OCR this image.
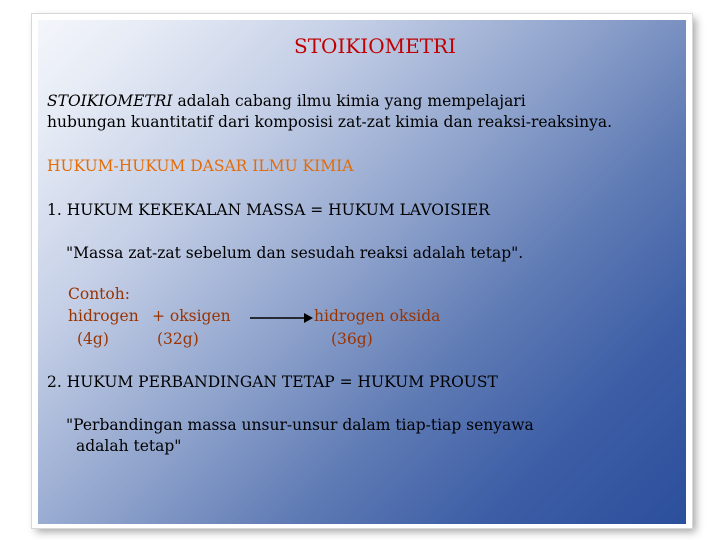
STOIKIOMETRI
STOIKIOMETRI adalah cabang ilmu kimia yang mempelajari
hubungan kuantitatif dari komposisi zat-zat kimia dan reaksi-reaksinya.
HUKUM-HUKUM DASAR ILMU KIMIA
1. HUKUM KEKEKALAN MASSA = HUKUM LAVOISIER
"Massa zat-zat sebelum dan sesudah reaksi adalah tetap".
Contoh:
hidrogen + oksigen	hidrogen oksida
(4g)	(32g)	(36g)
2. HUKUM PERBANDINGAN TETAP = HUKUM PROUST
"Perbandingan massa unsur-unsur dalam tiap-tiap senyawa
adalah tetap"
